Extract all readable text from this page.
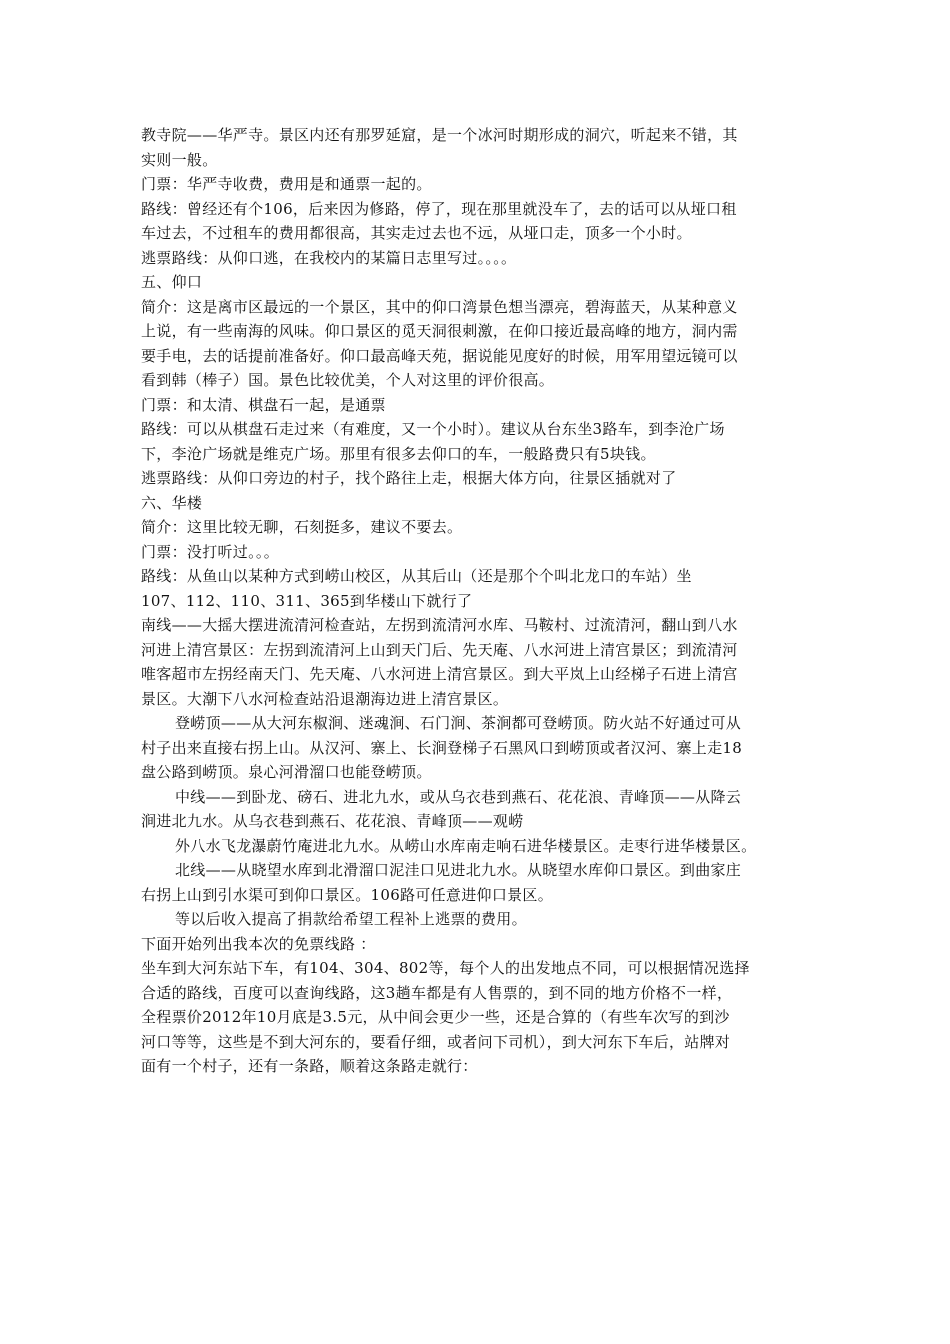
教寺院——华严寺。景区内还有那罗延窟，是一个冰河时期形成的洞穴，听起来不错，其
实则一般。
门票：华严寺收费，费用是和通票一起的。
路线：曾经还有个106，后来因为修路，停了，现在那里就没车了，去的话可以从垭口租
车过去，不过租车的费用都很高，其实走过去也不远，从垭口走，顶多一个小时。
逃票路线：从仰口逃，在我校内的某篇日志里写过。。。。
五、仰口
简介：这是离市区最远的一个景区，其中的仰口湾景色想当漂亮，碧海蓝天，从某种意义
上说，有一些南海的风味。仰口景区的觅天洞很刺激，在仰口接近最高峰的地方，洞内需
要手电，去的话提前准备好。仰口最高峰天苑，据说能见度好的时候，用军用望远镜可以
看到韩（棒子）国。景色比较优美，个人对这里的评价很高。
门票：和太清、棋盘石一起，是通票
路线：可以从棋盘石走过来（有难度，又一个小时）。建议从台东坐3路车，到李沧广场
下，李沧广场就是维克广场。那里有很多去仰口的车，一般路费只有5块钱。
逃票路线：从仰口旁边的村子，找个路往上走，根据大体方向，往景区插就对了
六、华楼
简介：这里比较无聊，石刻挺多，建议不要去。
门票：没打听过。。。
路线：从鱼山以某种方式到崂山校区，从其后山（还是那个个叫北龙口的车站）坐
107、112、110、311、365到华楼山下就行了
南线——大摇大摆进流清河检查站，左拐到流清河水库、马鞍村、过流清河，翻山到八水
河进上清宫景区：左拐到流清河上山到天门后、先天庵、八水河进上清宫景区；到流清河
唯客超市左拐经南天门、先天庵、八水河进上清宫景区。到大平岚上山经梯子石进上清宫
景区。大潮下八水河检查站沿退潮海边进上清宫景区。
登崂顶——从大河东椒涧、迷魂涧、石门涧、茶涧都可登崂顶。防火站不好通过可从
村子出来直接右拐上山。从汉河、寨上、长涧登梯子石黑风口到崂顶或者汉河、寨上走18
盘公路到崂顶。泉心河滑溜口也能登崂顶。
中线——到卧龙、磅石、进北九水，或从乌衣巷到燕石、花花浪、青峰顶——从降云
涧进北九水。从乌衣巷到燕石、花花浪、青峰顶——观崂
外八水飞龙瀑蔚竹庵进北九水。从崂山水库南走响石进华楼景区。走枣行进华楼景区。
北线——从晓望水库到北滑溜口泥洼口见进北九水。从晓望水库仰口景区。到曲家庄
右拐上山到引水渠可到仰口景区。106路可任意进仰口景区。
等以后收入提高了捐款给希望工程补上逃票的费用。
下面开始列出我本次的免票线路 ：
坐车到大河东站下车，有104、304、802等，每个人的出发地点不同，可以根据情况选择
合适的路线，百度可以查询线路，这3趟车都是有人售票的，到不同的地方价格不一样，
全程票价2012年10月底是3.5元，从中间会更少一些，还是合算的（有些车次写的到沙
河口等等，这些是不到大河东的，要看仔细，或者问下司机），到大河东下车后，站牌对
面有一个村子，还有一条路，顺着这条路走就行：
